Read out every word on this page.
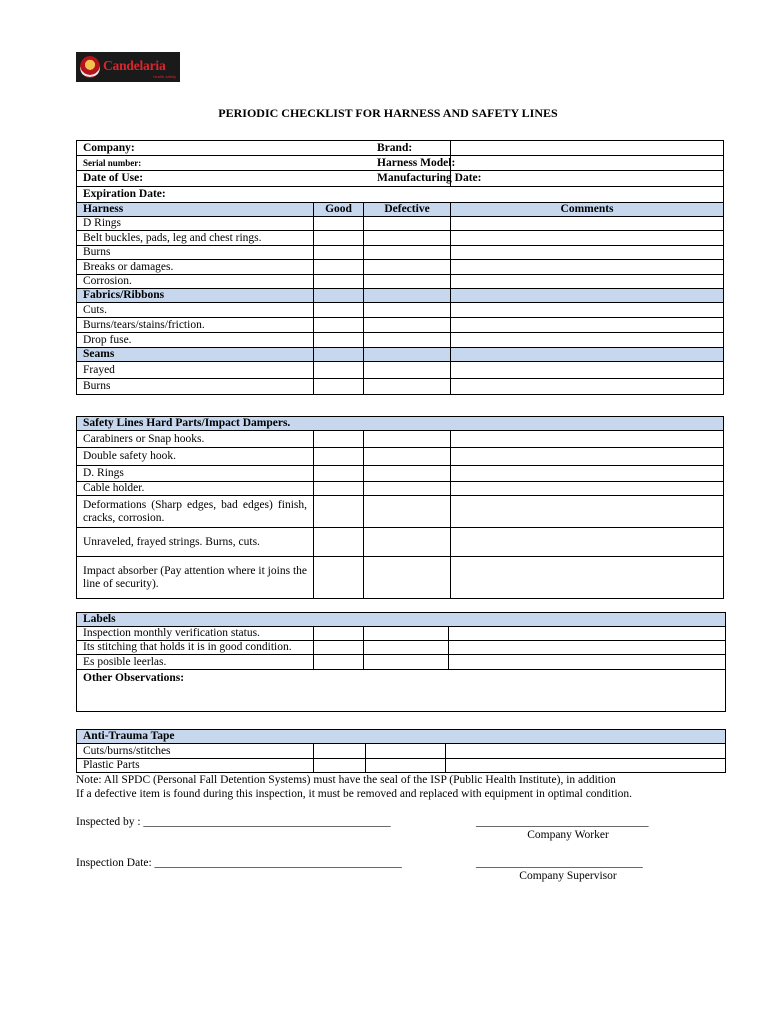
Candelaria
health safety
PERIODIC CHECKLIST FOR HARNESS AND SAFETY LINES
Company:	Brand:
Serial number:	Harness Model:
Date of Use:	Manufacturing Date:
Expiration Date:
Harness	Good	Defective	Comments
D Rings			
Belt buckles, pads, leg and chest rings.			
Burns			
Breaks or damages.			
Corrosion.			
Fabrics/Ribbons			
Cuts.			
Burns/tears/stains/friction.			
Drop fuse.			
Seams			
Frayed			
Burns			
Safety Lines Hard Parts/Impact Dampers.			
Carabiners or Snap hooks.			
Double safety hook.			
D. Rings			
Cable holder.			
Deformations (Sharp edges, bad edges) finish, cracks, corrosion.			
Unraveled, frayed strings. Burns, cuts.			
Impact absorber (Pay attention where it joins the line of security).			
Labels			
Inspection monthly verification status.			
Its stitching that holds it is in good condition.			
Es posible leerlas.			
Other Observations:			
Anti-Trauma Tape			
Cuts/burns/stitches			
Plastic Parts			
Note: All SPDC (Personal Fall Detention Systems) must have the seal of the ISP (Public Health Institute), in addition
If a defective item is found during this inspection, it must be removed and replaced with equipment in optimal condition.
Inspected by : ___________________________________________	______________________________
Company Worker
Inspection Date: ___________________________________________	_____________________________
Company Supervisor
